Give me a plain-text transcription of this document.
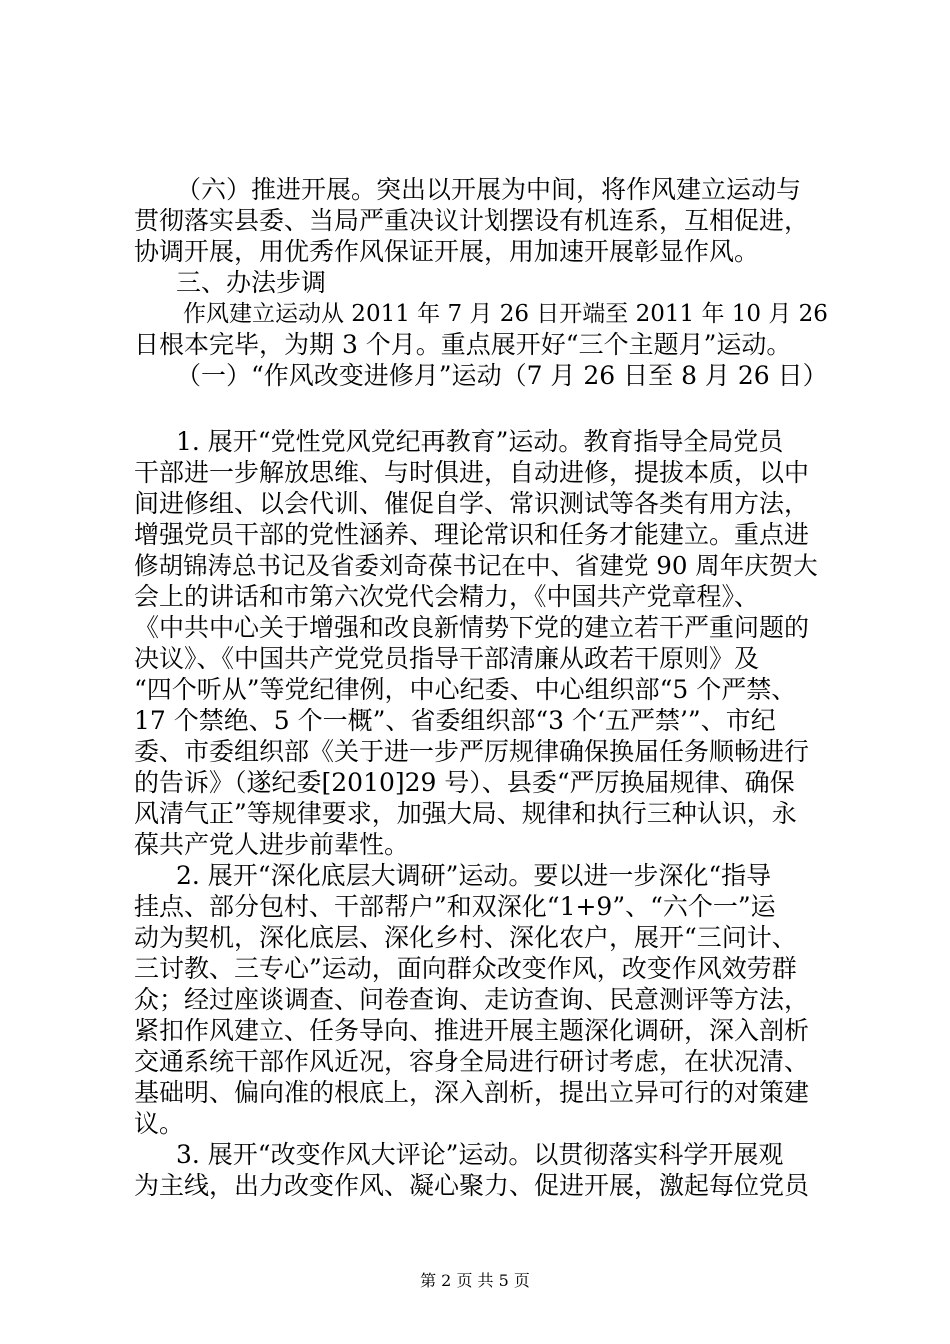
（六）推进开展。突出以开展为中间，将作风建立运动与
贯彻落实县委、当局严重决议计划摆设有机连系，互相促进，
协调开展，用优秀作风保证开展，用加速开展彰显作风。
三、办法步调
作风建立运动从 2011 年 7 月 26 日开端至 2011 年 10 月 26
日根本完毕，为期 3 个月。重点展开好“三个主题月”运动。
（一）“作风改变进修月”运动（7 月 26 日至 8 月 26 日）
1. 展开“党性党风党纪再教育”运动。教育指导全局党员
干部进一步解放思维、与时俱进，自动进修，提拔本质，以中
间进修组、以会代训、催促自学、常识测试等各类有用方法，
增强党员干部的党性涵养、理论常识和任务才能建立。重点进
修胡锦涛总书记及省委刘奇葆书记在中、省建党 90 周年庆贺大
会上的讲话和市第六次党代会精力，《中国共产党章程》、
《中共中心关于增强和改良新情势下党的建立若干严重问题的
决议》、《中国共产党党员指导干部清廉从政若干原则》及
“四个听从”等党纪律例，中心纪委、中心组织部“5 个严禁、
17 个禁绝、5 个一概”、省委组织部“3 个‘五严禁’”、市纪
委、市委组织部《关于进一步严厉规律确保换届任务顺畅进行
的告诉》（遂纪委[2010]29 号）、县委“严厉换届规律、确保
风清气正”等规律要求，加强大局、规律和执行三种认识，永
葆共产党人进步前辈性。
2. 展开“深化底层大调研”运动。要以进一步深化“指导
挂点、部分包村、干部帮户”和双深化“1+9”、“六个一”运
动为契机，深化底层、深化乡村、深化农户，展开“三问计、
三讨教、三专心”运动，面向群众改变作风，改变作风效劳群
众；经过座谈调查、问卷查询、走访查询、民意测评等方法，
紧扣作风建立、任务导向、推进开展主题深化调研，深入剖析
交通系统干部作风近况，容身全局进行研讨考虑，在状况清、
基础明、偏向准的根底上，深入剖析，提出立异可行的对策建
议。
3. 展开“改变作风大评论”运动。以贯彻落实科学开展观
为主线，出力改变作风、凝心聚力、促进开展，激起每位党员
第 2 页 共 5 页
